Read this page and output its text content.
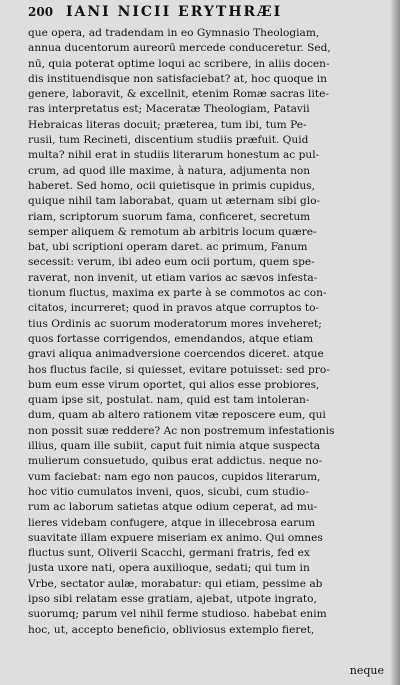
200 IANI NICII ERYTHRÆI
que opera, ad tradendam in eo Gymnasio Theologiam,
annua ducentorum aureorū mercede conduceretur. Sed,
nū, quia poterat optime loqui ac scribere, in aliis docen-
dis instituendisque non satisfaciebat? at, hoc quoque in
genere, laboravit, & excellnit, etenim Romæ sacras lite-
ras interpretatus est; Maceratæ Theologiam, Patavii
Hebraicas literas docuit; præterea, tum ibi, tum Pe-
rusii, tum Recineti, discentium studiis præfuit. Quid
multa? nihil erat in studiis literarum honestum ac pul-
crum, ad quod ille maxime, à natura, adjumenta non
haberet. Sed homo, ocii quietisque in primis cupidus,
quique nihil tam laborabat, quam ut æternam sibi glo-
riam, scriptorum suorum fama, conficeret, secretum
semper aliquem & remotum ab arbitris locum quære-
bat, ubi scriptioni operam daret. ac primum, Fanum
secessit: verum, ibi adeo eum ocii portum, quem spe-
raverat, non invenit, ut etiam varios ac sævos infesta-
tionum fluctus, maxima ex parte à se commotos ac con-
citatos, incurreret; quod in pravos atque corruptos to-
tius Ordinis ac suorum moderatorum mores inveheret;
quos fortasse corrigendos, emendandos, atque etiam
gravi aliqua animadversione coercendos diceret. atque
hos fluctus facile, si quiesset, evitare potuisset: sed pro-
bum eum esse virum oportet, qui alios esse probiores,
quam ipse sit, postulat. nam, quid est tam intoleran-
dum, quam ab altero rationem vitæ reposcere eum, qui
non possit suæ reddere? Ac non postremum infestationis
illius, quam ille subiit, caput fuit nimia atque suspecta
mulierum consuetudo, quibus erat addictus. neque no-
vum faciebat: nam ego non paucos, cupidos literarum,
hoc vitio cumulatos inveni, quos, sicubi, cum studio-
rum ac laborum satietas atque odium ceperat, ad mu-
lieres videbam confugere, atque in illecebrosa earum
suavitate illam expuere miseriam ex animo. Qui omnes
fluctus sunt, Oliverii Scacchi, germani fratris, fed ex
justa uxore nati, opera auxilioque, sedati; qui tum in
Vrbe, sectator aulæ, morabatur: qui etiam, pessime ab
ipso sibi relatam esse gratiam, ajebat, utpote ingrato,
suorumq; parum vel nihil ferme studioso. habebat enim
hoc, ut, accepto beneficio, obliviosus extemplo fieret,
neque
